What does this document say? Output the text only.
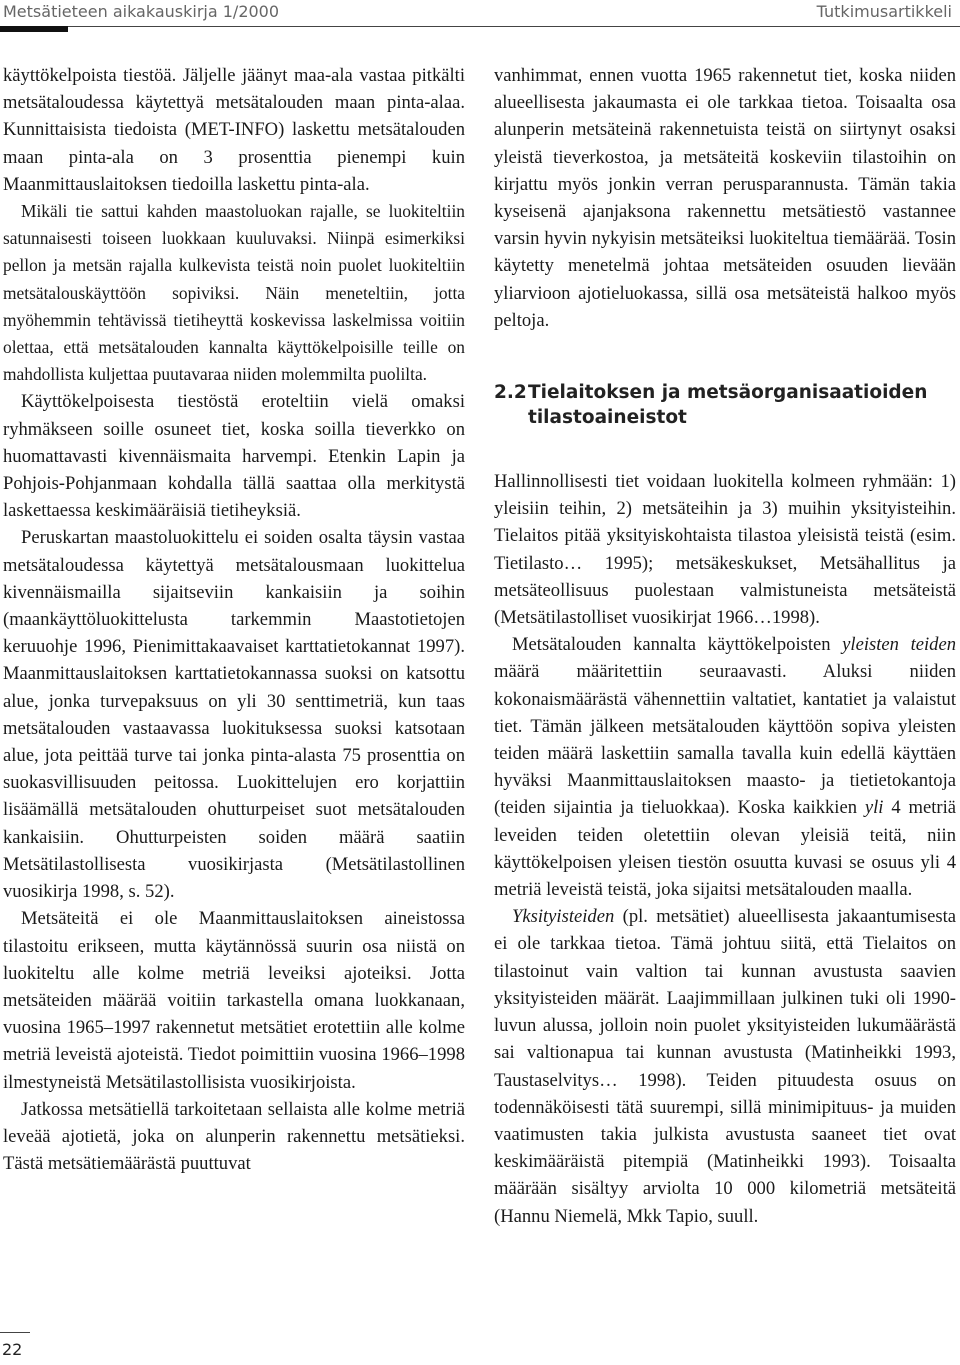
Metsätieteen aikakauskirja 1/2000	Tutkimusartikkeli

käyttökelpoista tiestöä. Jäljelle jäänyt maa-ala vastaa pitkälti metsätaloudessa käytettyä metsätalouden maan pinta-alaa. Kunnittaisista tiedoista (MET-INFO) laskettu metsätalouden maan pinta-ala on 3 prosenttia pienempi kuin Maanmittauslaitoksen tiedoilla laskettu pinta-ala.

Mikäli tie sattui kahden maastoluokan rajalle, se luokiteltiin satunnaisesti toiseen luokkaan kuuluvaksi. Niinpä esimerkiksi pellon ja metsän rajalla kulkevista teistä noin puolet luokiteltiin metsätalouskäyttöön sopiviksi. Näin meneteltiin, jotta myöhemmin tehtävissä tietiheyttä koskevissa laskelmissa voitiin olettaa, että metsätalouden kannalta käyttökelpoisille teille on mahdollista kuljettaa puutavaraa niiden molemmilta puolilta.

Käyttökelpoisesta tiestöstä eroteltiin vielä omaksi ryhmäkseen soille osuneet tiet, koska soilla tieverkko on huomattavasti kivennäismaita harvempi. Etenkin Lapin ja Pohjois-Pohjanmaan kohdalla tällä saattaa olla merkitystä laskettaessa keskimääräisiä tietiheyksiä.

Peruskartan maastoluokittelu ei soiden osalta täysin vastaa metsätaloudessa käytettyä metsätalousmaan luokittelua kivennäismailla sijaitseviin kankaisiin ja soihin (maankäyttöluokittelusta tarkemmin Maastotietojen keruuohje 1996, Pienimittakaavaiset karttatietokannat 1997). Maanmittauslaitoksen karttatietokannassa suoksi on katsottu alue, jonka turvepaksuus on yli 30 senttimetriä, kun taas metsätalouden vastaavassa luokituksessa suoksi katsotaan alue, jota peittää turve tai jonka pinta-alasta 75 prosenttia on suokasvillisuuden peitossa. Luokittelujen ero korjattiin lisäämällä metsätalouden ohutturpeiset suot metsätalouden kankaisiin. Ohutturpeisten soiden määrä saatiin Metsätilastollisesta vuosikirjasta (Metsätilastollinen vuosikirja 1998, s. 52).

Metsäteitä ei ole Maanmittauslaitoksen aineistossa tilastoitu erikseen, mutta käytännössä suurin osa niistä on luokiteltu alle kolme metriä leveiksi ajoteiksi. Jotta metsäteiden määrää voitiin tarkastella omana luokkanaan, vuosina 1965–1997 rakennetut metsätiet erotettiin alle kolme metriä leveistä ajoteistä. Tiedot poimittiin vuosina 1966–1998 ilmestyneistä Metsätilastollisista vuosikirjoista.

Jatkossa metsätiellä tarkoitetaan sellaista alle kolme metriä leveää ajotietä, joka on alunperin rakennettu metsätieksi. Tästä metsätiemäärästä puuttuvat

vanhimmat, ennen vuotta 1965 rakennetut tiet, koska niiden alueellisesta jakaumasta ei ole tarkkaa tietoa. Toisaalta osa alunperin metsäteinä rakennetuista teistä on siirtynyt osaksi yleistä tieverkostoa, ja metsäteitä koskeviin tilastoihin on kirjattu myös jonkin verran perusparannusta. Tämän takia kyseisenä ajanjaksona rakennettu metsätiestö vastannee varsin hyvin nykyisin metsäteiksi luokiteltua tiemäärää. Tosin käytetty menetelmä johtaa metsäteiden osuuden lievään yliarvioon ajotieluokassa, sillä osa metsäteistä halkoo myös peltoja.

2.2Tielaitoksen ja metsäorganisaatioiden tilastoaineistot

Hallinnollisesti tiet voidaan luokitella kolmeen ryhmään: 1) yleisiin teihin, 2) metsäteihin ja 3) muihin yksityisteihin. Tielaitos pitää yksityiskohtaista tilastoa yleisistä teistä (esim. Tietilasto… 1995); metsäkeskukset, Metsähallitus ja metsäteollisuus puolestaan valmistuneista metsäteistä (Metsätilastolliset vuosikirjat 1966…1998).

Metsätalouden kannalta käyttökelpoisten yleisten teiden määrä määritettiin seuraavasti. Aluksi niiden kokonaismäärästä vähennettiin valtatiet, kantatiet ja valaistut tiet. Tämän jälkeen metsätalouden käyttöön sopiva yleisten teiden määrä laskettiin samalla tavalla kuin edellä käyttäen hyväksi Maanmittauslaitoksen maasto- ja tietietokantoja (teiden sijaintia ja tieluokkaa). Koska kaikkien yli 4 metriä leveiden teiden oletettiin olevan yleisiä teitä, niin käyttökelpoisen yleisen tiestön osuutta kuvasi se osuus yli 4 metriä leveistä teistä, joka sijaitsi metsätalouden maalla.

Yksityisteiden (pl. metsätiet) alueellisesta jakaantumisesta ei ole tarkkaa tietoa. Tämä johtuu siitä, että Tielaitos on tilastoinut vain valtion tai kunnan avustusta saavien yksityisteiden määrät. Laajimmillaan julkinen tuki oli 1990-luvun alussa, jolloin noin puolet yksityisteiden lukumäärästä sai valtionapua tai kunnan avustusta (Matinheikki 1993, Taustaselvitys… 1998). Teiden pituudesta osuus on todennäköisesti tätä suurempi, sillä minimipituus- ja muiden vaatimusten takia julkista avustusta saaneet tiet ovat keskimääräistä pitempiä (Matinheikki 1993). Toisaalta määrään sisältyy arviolta 10 000 kilometriä metsäteitä (Hannu Niemelä, Mkk Tapio, suull.

22
